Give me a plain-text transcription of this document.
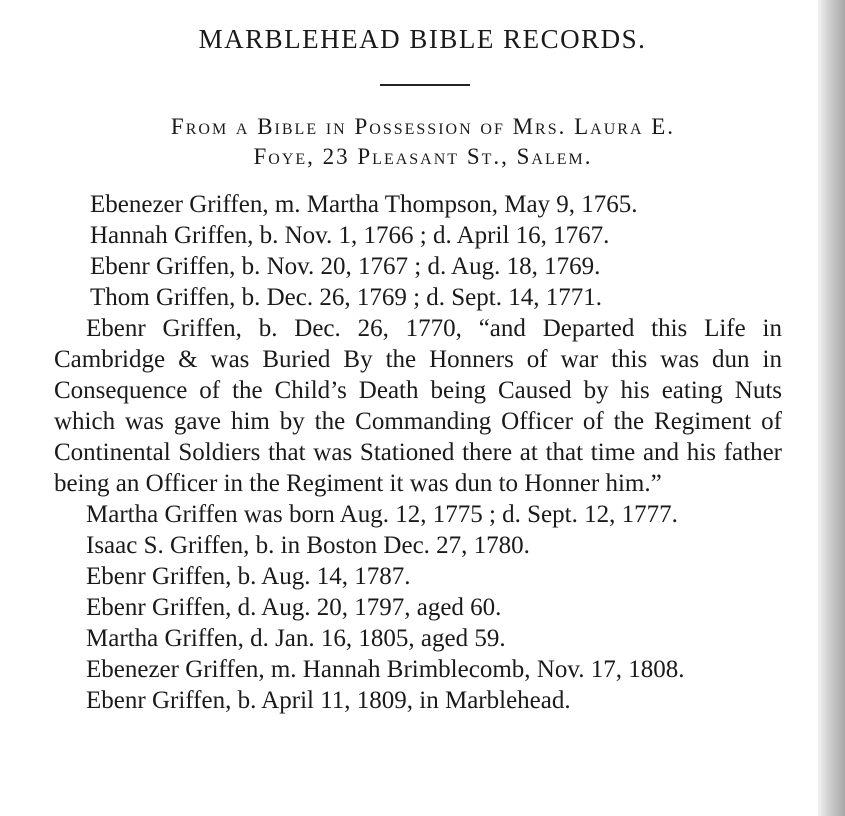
MARBLEHEAD BIBLE RECORDS.
From a Bible in Possession of Mrs. Laura E.
Foye, 23 Pleasant St., Salem.

Ebenezer Griffen, m. Martha Thompson, May 9, 1765.

Hannah Griffen, b. Nov. 1, 1766 ; d. April 16, 1767.

Ebenr Griffen, b. Nov. 20, 1767 ; d. Aug. 18, 1769.

Thom Griffen, b. Dec. 26, 1769 ; d. Sept. 14, 1771.

Ebenr Griffen, b. Dec. 26, 1770, “and Departed this Life in Cambridge & was Buried By the Honners of war this was dun in Consequence of the Child’s Death being Caused by his eating Nuts which was gave him by the Commanding Officer of the Regiment of Continental Soldiers that was Stationed there at that time and his father being an Officer in the Regiment it was dun to Honner him.”

Martha Griffen was born Aug. 12, 1775 ; d. Sept. 12, 1777.

Isaac S. Griffen, b. in Boston Dec. 27, 1780.

Ebenr Griffen, b. Aug. 14, 1787.

Ebenr Griffen, d. Aug. 20, 1797, aged 60.

Martha Griffen, d. Jan. 16, 1805, aged 59.

Ebenezer Griffen, m. Hannah Brimblecomb, Nov. 17, 1808.

Ebenr Griffen, b. April 11, 1809, in Marblehead.
